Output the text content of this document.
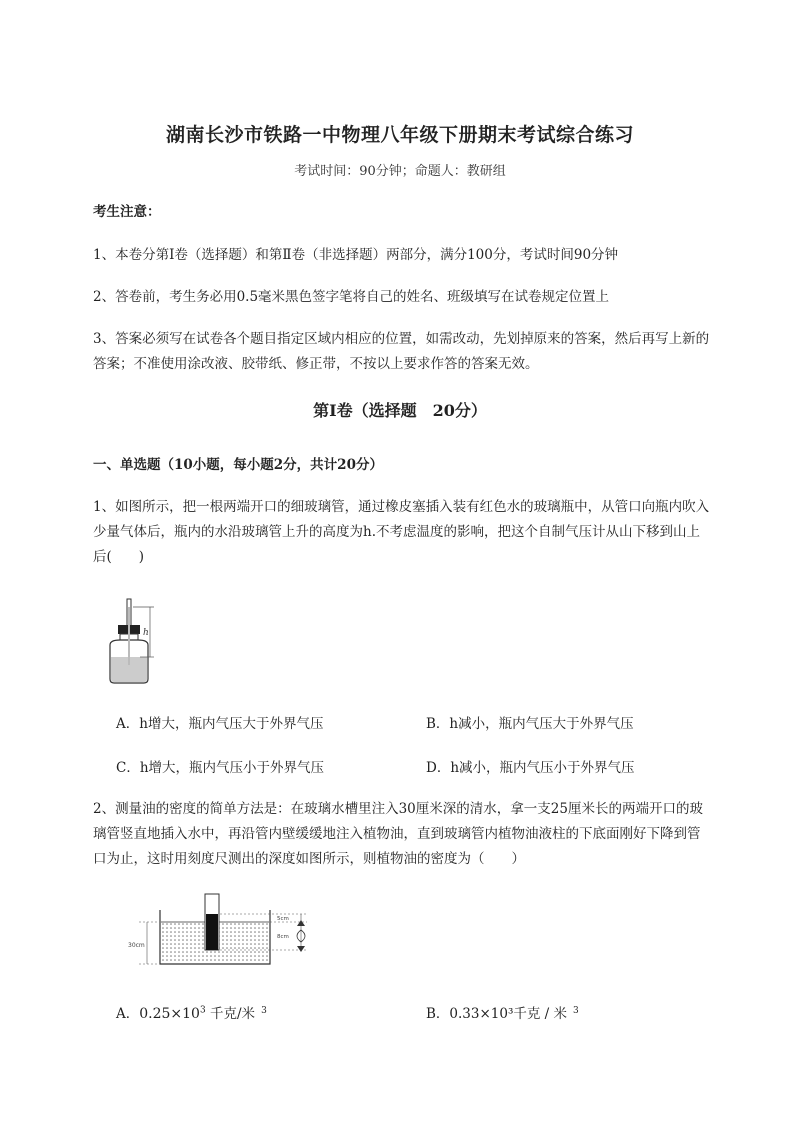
湖南长沙市铁路一中物理八年级下册期末考试综合练习
考试时间：90分钟；命题人：教研组
考生注意：
1、本卷分第I卷（选择题）和第Ⅱ卷（非选择题）两部分，满分100分，考试时间90分钟
2、答卷前，考生务必用0.5毫米黑色签字笔将自己的姓名、班级填写在试卷规定位置上
3、答案必须写在试卷各个题目指定区域内相应的位置，如需改动，先划掉原来的答案，然后再写上新的答案；不准使用涂改液、胶带纸、修正带，不按以上要求作答的答案无效。
第I卷（选择题　20分）
一、单选题（10小题，每小题2分，共计20分）
1、如图所示，把一根两端开口的细玻璃管，通过橡皮塞插入装有红色水的玻璃瓶中，从管口向瓶内吹入少量气体后，瓶内的水沿玻璃管上升的高度为h.不考虑温度的影响，把这个自制气压计从山下移到山上后(　　)
h
A．h增大，瓶内气压大于外界气压	B．h减小，瓶内气压大于外界气压
C．h增大，瓶内气压小于外界气压	D．h减小，瓶内气压小于外界气压
2、测量油的密度的简单方法是：在玻璃水槽里注入30厘米深的清水，拿一支25厘米长的两端开口的玻璃管竖直地插入水中，再沿管内壁缓缓地注入植物油，直到玻璃管内植物油液柱的下底面刚好下降到管口为止，这时用刻度尺测出的深度如图所示，则植物油的密度为（　　）
30cm
5cm
8cm
A．$0.25\times 10^3$ 千克/米 $^3$	B．0.33×10³千克 / 米 $^3$
